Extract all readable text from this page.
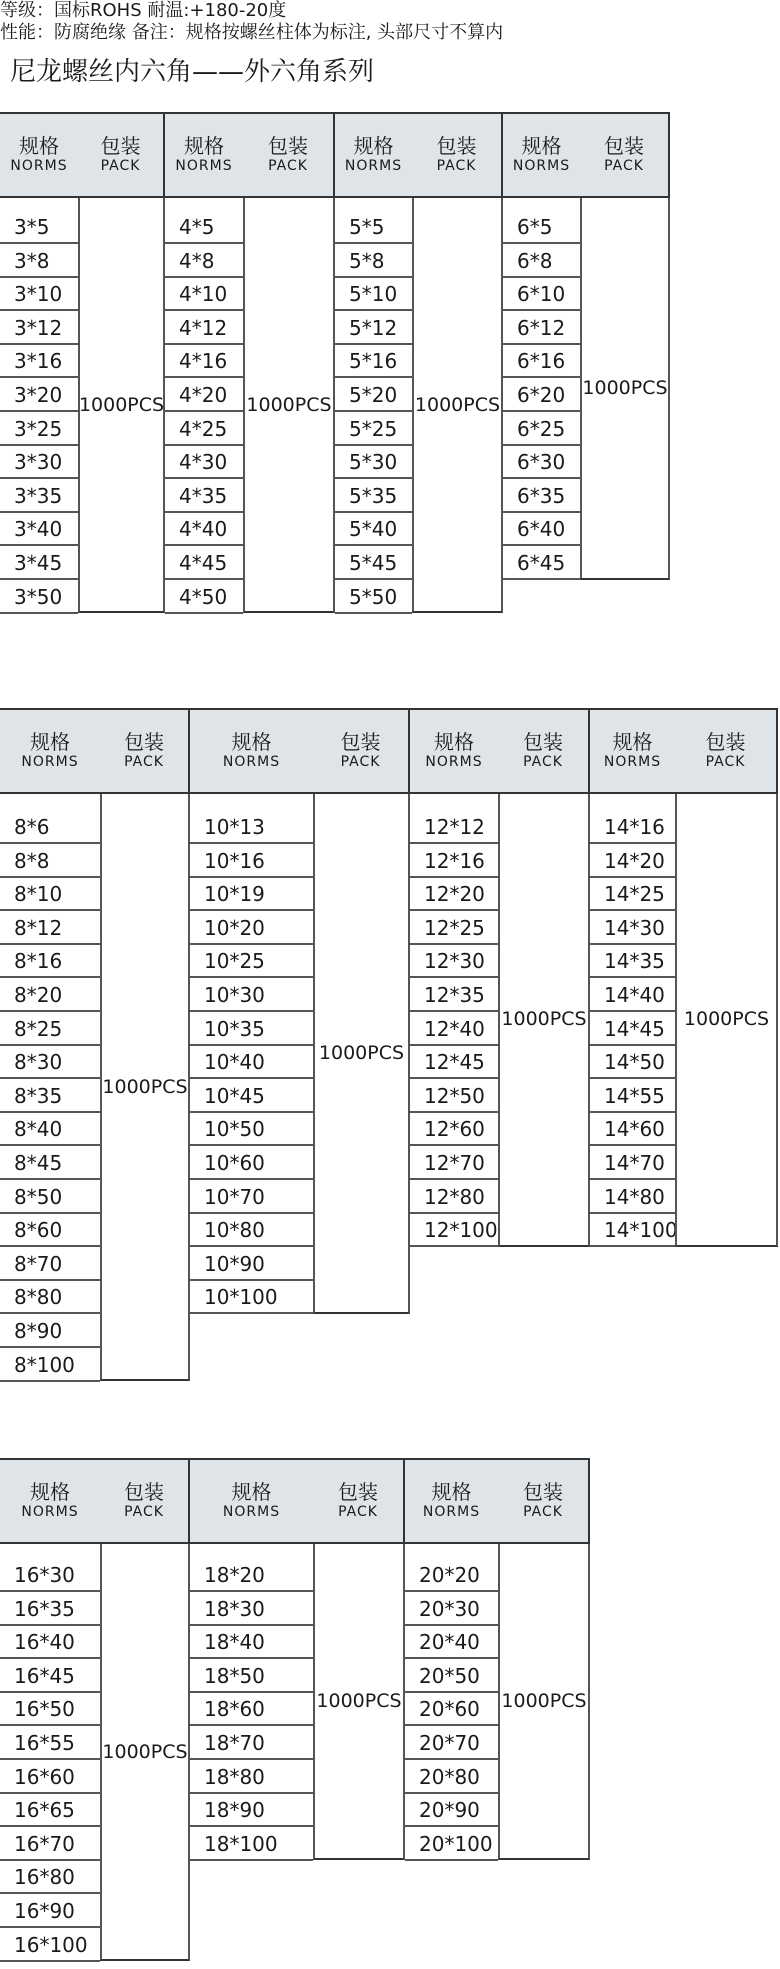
等级：国标ROHS 耐温:+180-20度
性能：防腐绝缘 备注：规格按螺丝柱体为标注, 头部尺寸不算内
尼龙螺丝内六角——外六角系列
规格
NORMS
包装
PACK
3*5
3*8
3*10
3*12
3*16
3*20
3*25
3*30
3*35
3*40
3*45
3*50
1000PCS
规格
NORMS
包装
PACK
4*5
4*8
4*10
4*12
4*16
4*20
4*25
4*30
4*35
4*40
4*45
4*50
1000PCS
规格
NORMS
包装
PACK
5*5
5*8
5*10
5*12
5*16
5*20
5*25
5*30
5*35
5*40
5*45
5*50
1000PCS
规格
NORMS
包装
PACK
6*5
6*8
6*10
6*12
6*16
6*20
6*25
6*30
6*35
6*40
6*45
1000PCS
规格
NORMS
包装
PACK
8*6
8*8
8*10
8*12
8*16
8*20
8*25
8*30
8*35
8*40
8*45
8*50
8*60
8*70
8*80
8*90
8*100
1000PCS
规格
NORMS
包装
PACK
10*13
10*16
10*19
10*20
10*25
10*30
10*35
10*40
10*45
10*50
10*60
10*70
10*80
10*90
10*100
1000PCS
规格
NORMS
包装
PACK
12*12
12*16
12*20
12*25
12*30
12*35
12*40
12*45
12*50
12*60
12*70
12*80
12*100
1000PCS
规格
NORMS
包装
PACK
14*16
14*20
14*25
14*30
14*35
14*40
14*45
14*50
14*55
14*60
14*70
14*80
14*100
1000PCS
规格
NORMS
包装
PACK
16*30
16*35
16*40
16*45
16*50
16*55
16*60
16*65
16*70
16*80
16*90
16*100
1000PCS
规格
NORMS
包装
PACK
18*20
18*30
18*40
18*50
18*60
18*70
18*80
18*90
18*100
1000PCS
规格
NORMS
包装
PACK
20*20
20*30
20*40
20*50
20*60
20*70
20*80
20*90
20*100
1000PCS
